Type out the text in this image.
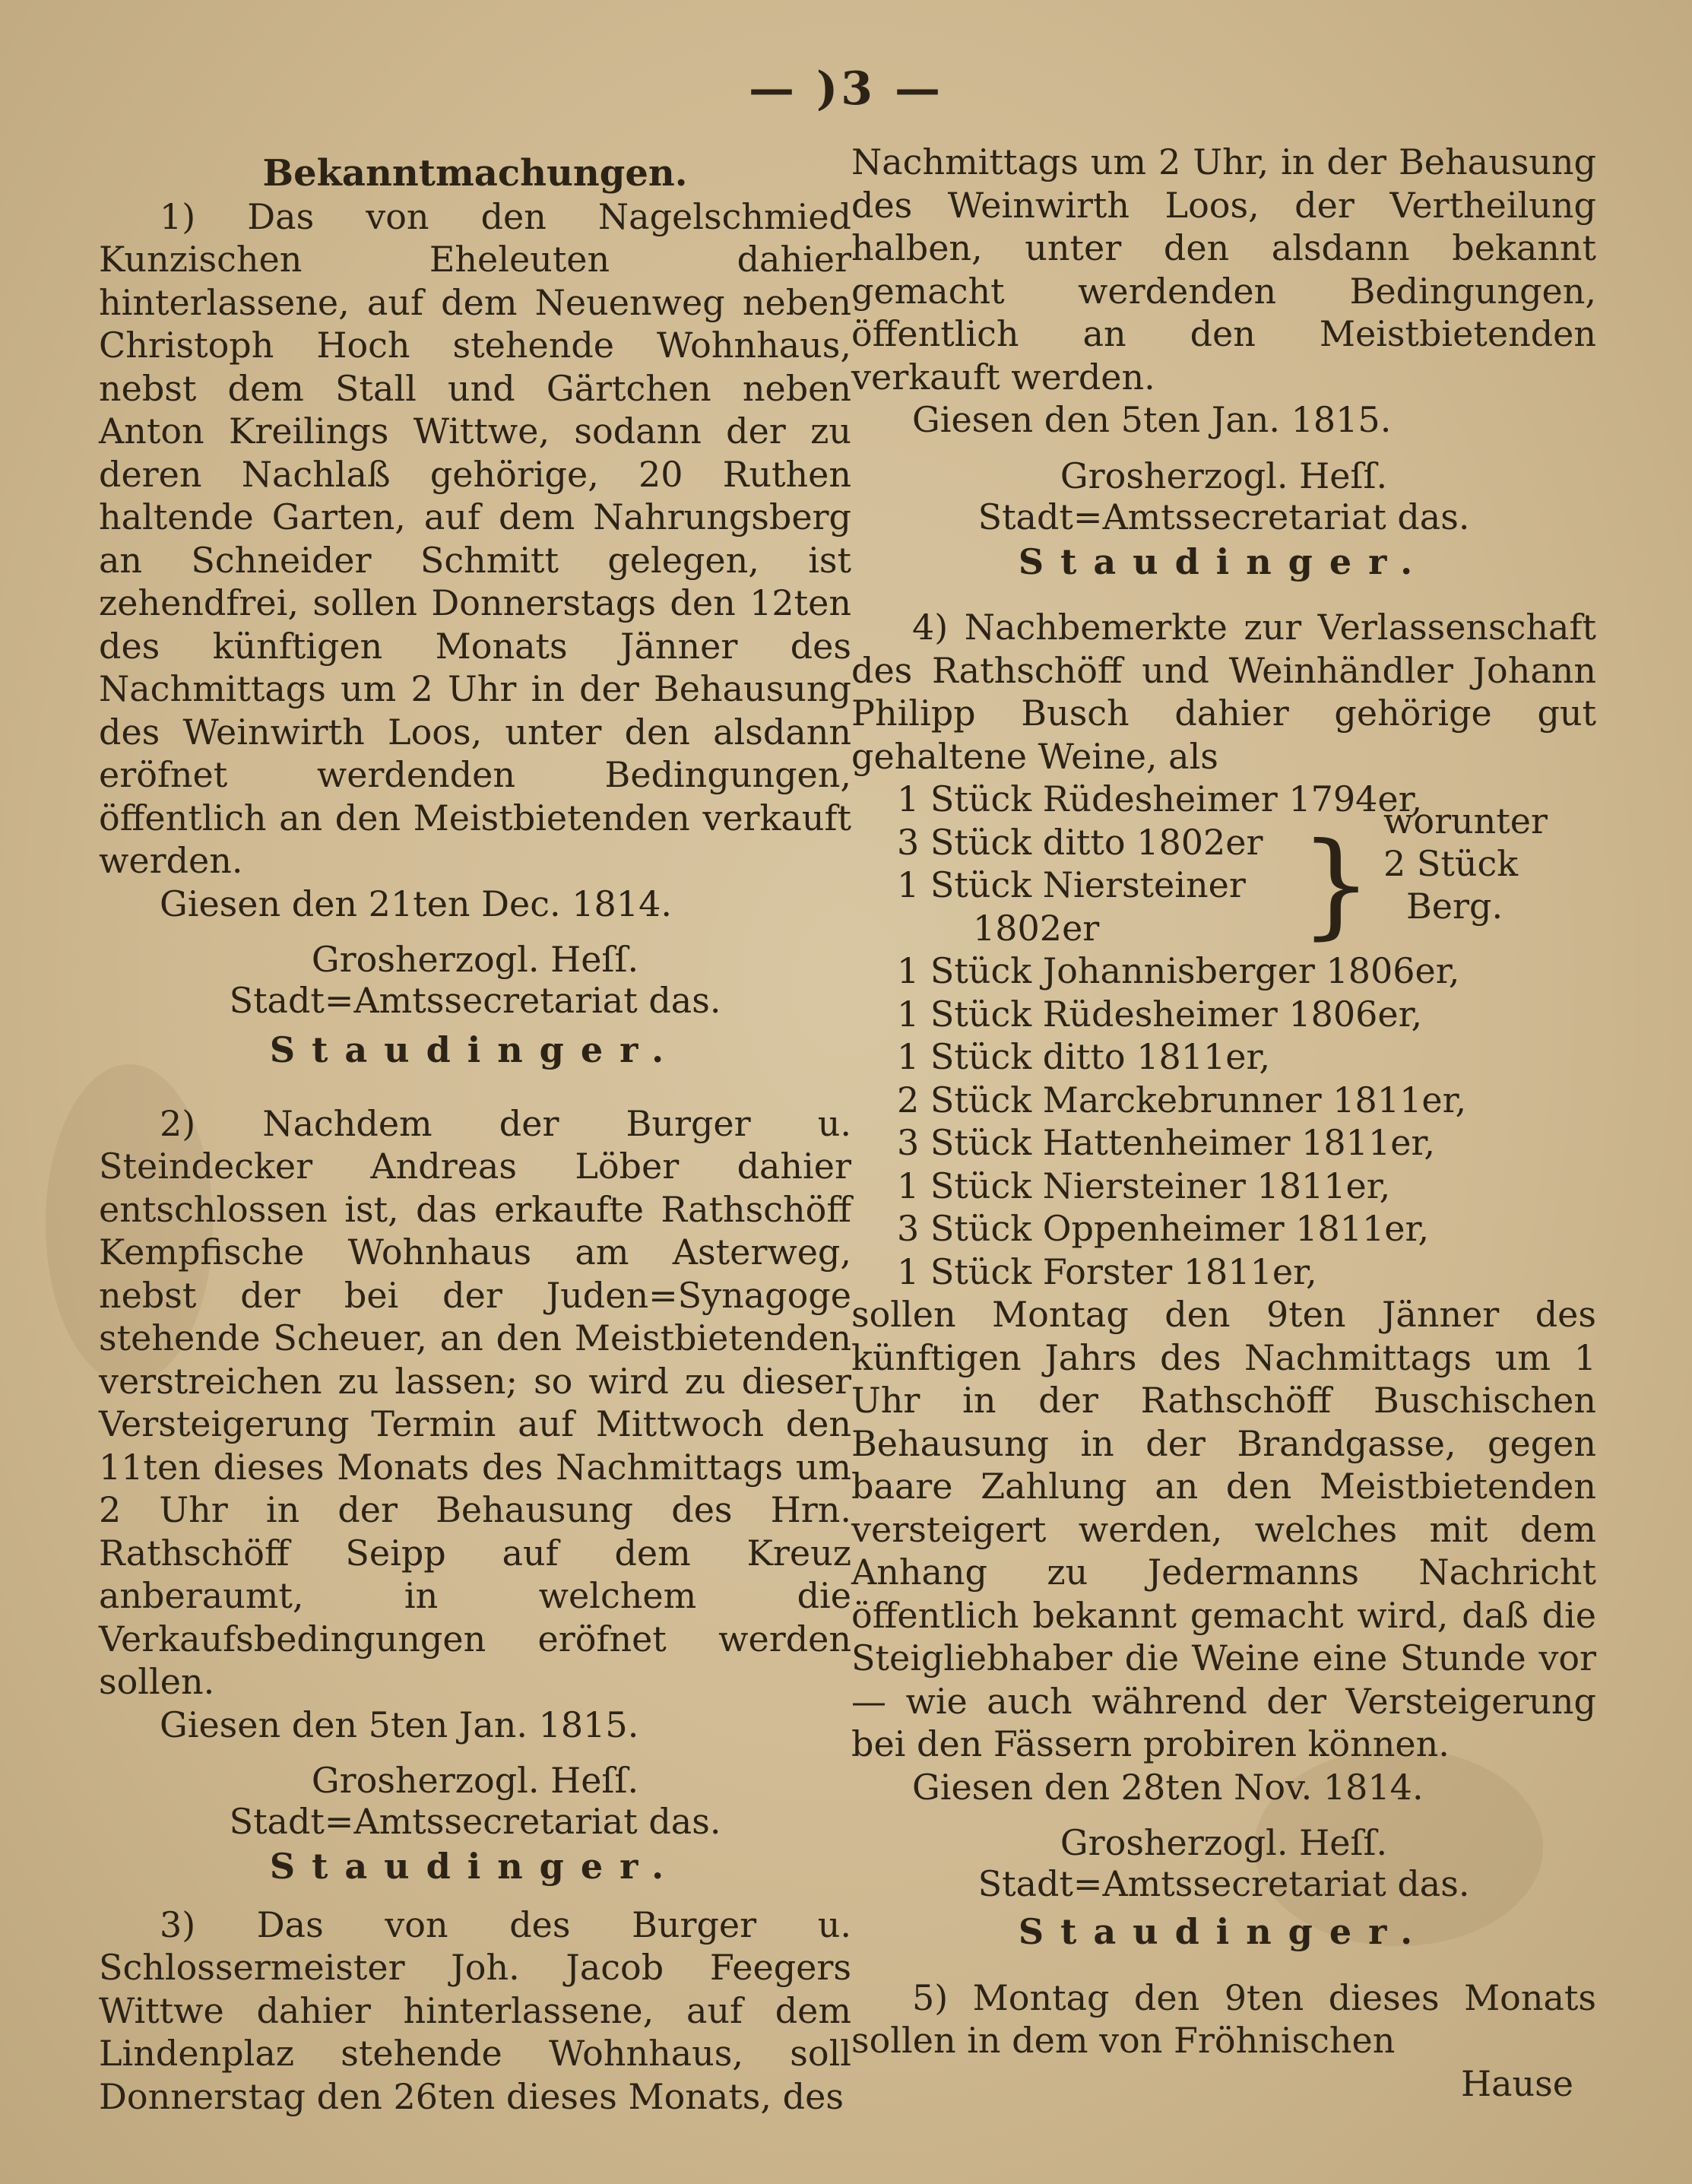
— )3 —

Bekanntmachungen.

1) Das von den Nagelschmied Kunzischen Eheleuten dahier hinterlassene, auf dem Neuenweg neben Christoph Hoch stehende Wohnhaus, nebst dem Stall und Gärtchen neben Anton Kreilings Wittwe, sodann der zu deren Nachlaß gehörige, 20 Ruthen haltende Garten, auf dem Nahrungsberg an Schneider Schmitt gelegen, ist zehendfrei, sollen Donnerstags den 12ten des künftigen Monats Jänner des Nachmittags um 2 Uhr in der Behausung des Weinwirth Loos, unter den alsdann eröfnet werdenden Bedingungen, öffentlich an den Meistbietenden verkauft werden.

Giesen den 21ten Dec. 1814.

Grosherzogl. Heſſ. Stadt=Amtssecretariat das.

Staudinger.

2) Nachdem der Burger u. Steindecker Andreas Löber dahier entschlossen ist, das erkaufte Rathschöff Kempfische Wohnhaus am Asterweg, nebst der bei der Juden=Synagoge stehende Scheuer, an den Meistbietenden verstreichen zu lassen; so wird zu dieser Versteigerung Termin auf Mittwoch den 11ten dieses Monats des Nachmittags um 2 Uhr in der Behausung des Hrn. Rathschöff Seipp auf dem Kreuz anberaumt, in welchem die Verkaufsbedingungen eröfnet werden sollen.

Giesen den 5ten Jan. 1815.

Grosherzogl. Heſſ. Stadt=Amtssecretariat das.

Staudinger.

3) Das von des Burger u. Schlossermeister Joh. Jacob Feegers Wittwe dahier hinterlassene, auf dem Lindenplaz stehende Wohnhaus, soll Donnerstag den 26ten dieses Monats, des

Nachmittags um 2 Uhr, in der Behausung des Weinwirth Loos, der Vertheilung halben, unter den alsdann bekannt gemacht werdenden Bedingungen, öffentlich an den Meistbietenden verkauft werden.

Giesen den 5ten Jan. 1815.

Grosherzogl. Heſſ. Stadt=Amtssecretariat das.

Staudinger.

4) Nachbemerkte zur Verlassenschaft des Rathschöff und Weinhändler Johann Philipp Busch dahier gehörige gut gehaltene Weine, als

1 Stück Rüdesheimer 1794er,
3 Stück ditto 1802er
1 Stück Niersteiner
1802er	} worunter
2 Stück
Berg.
1 Stück Johannisberger 1806er,
1 Stück Rüdesheimer 1806er,
1 Stück ditto 1811er,
2 Stück Marckebrunner 1811er,
3 Stück Hattenheimer 1811er,
1 Stück Niersteiner 1811er,
3 Stück Oppenheimer 1811er,
1 Stück Forster 1811er,

sollen Montag den 9ten Jänner des künftigen Jahrs des Nachmittags um 1 Uhr in der Rathschöff Buschischen Behausung in der Brandgasse, gegen baare Zahlung an den Meistbietenden versteigert werden, welches mit dem Anhang zu Jedermanns Nachricht öffentlich bekannt gemacht wird, daß die Steigliebhaber die Weine eine Stunde vor — wie auch während der Versteigerung bei den Fässern probiren können.

Giesen den 28ten Nov. 1814.

Grosherzogl. Heſſ. Stadt=Amtssecretariat das.

Staudinger.

5) Montag den 9ten dieses Monats sollen in dem von Fröhnischen

Hause
